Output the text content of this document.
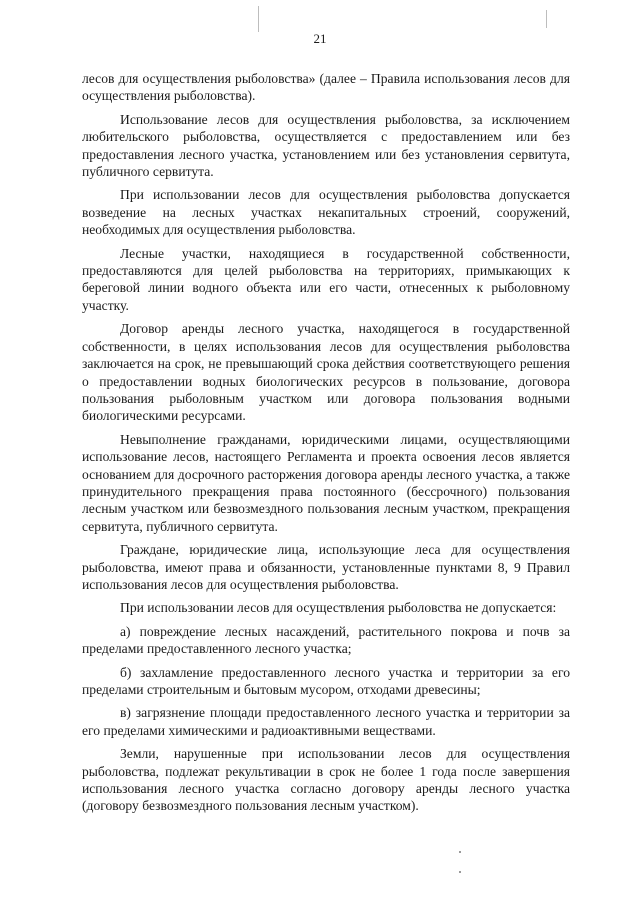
21

лесов для осуществления рыболовства» (далее – Правила использования лесов для осуществления рыболовства).

Использование лесов для осуществления рыболовства, за исключением любительского рыболовства, осуществляется с предоставлением или без предоставления лесного участка, установлением или без установления сервитута, публичного сервитута.

При использовании лесов для осуществления рыболовства допускается возведение на лесных участках некапитальных строений, сооружений, необходимых для осуществления рыболовства.

Лесные участки, находящиеся в государственной собственности, предоставляются для целей рыболовства на территориях, примыкающих к береговой линии водного объекта или его части, отнесенных к рыболовному участку.

Договор аренды лесного участка, находящегося в государственной собственности, в целях использования лесов для осуществления рыболовства заключается на срок, не превышающий срока действия соответствующего решения о предоставлении водных биологических ресурсов в пользование, договора пользования рыболовным участком или договора пользования водными биологическими ресурсами.

Невыполнение гражданами, юридическими лицами, осуществляющими использование лесов, настоящего Регламента и проекта освоения лесов является основанием для досрочного расторжения договора аренды лесного участка, а также принудительного прекращения права постоянного (бессрочного) пользования лесным участком или безвозмездного пользования лесным участком, прекращения сервитута, публичного сервитута.

Граждане, юридические лица, использующие леса для осуществления рыболовства, имеют права и обязанности, установленные пунктами 8, 9 Правил использования лесов для осуществления рыболовства.

При использовании лесов для осуществления рыболовства не допускается:

а) повреждение лесных насаждений, растительного покрова и почв за пределами предоставленного лесного участка;

б) захламление предоставленного лесного участка и территории за его пределами строительным и бытовым мусором, отходами древесины;

в) загрязнение площади предоставленного лесного участка и территории за его пределами химическими и радиоактивными веществами.

Земли, нарушенные при использовании лесов для осуществления рыболовства, подлежат рекультивации в срок не более 1 года после завершения использования лесного участка согласно договору аренды лесного участка (договору безвозмездного пользования лесным участком).
